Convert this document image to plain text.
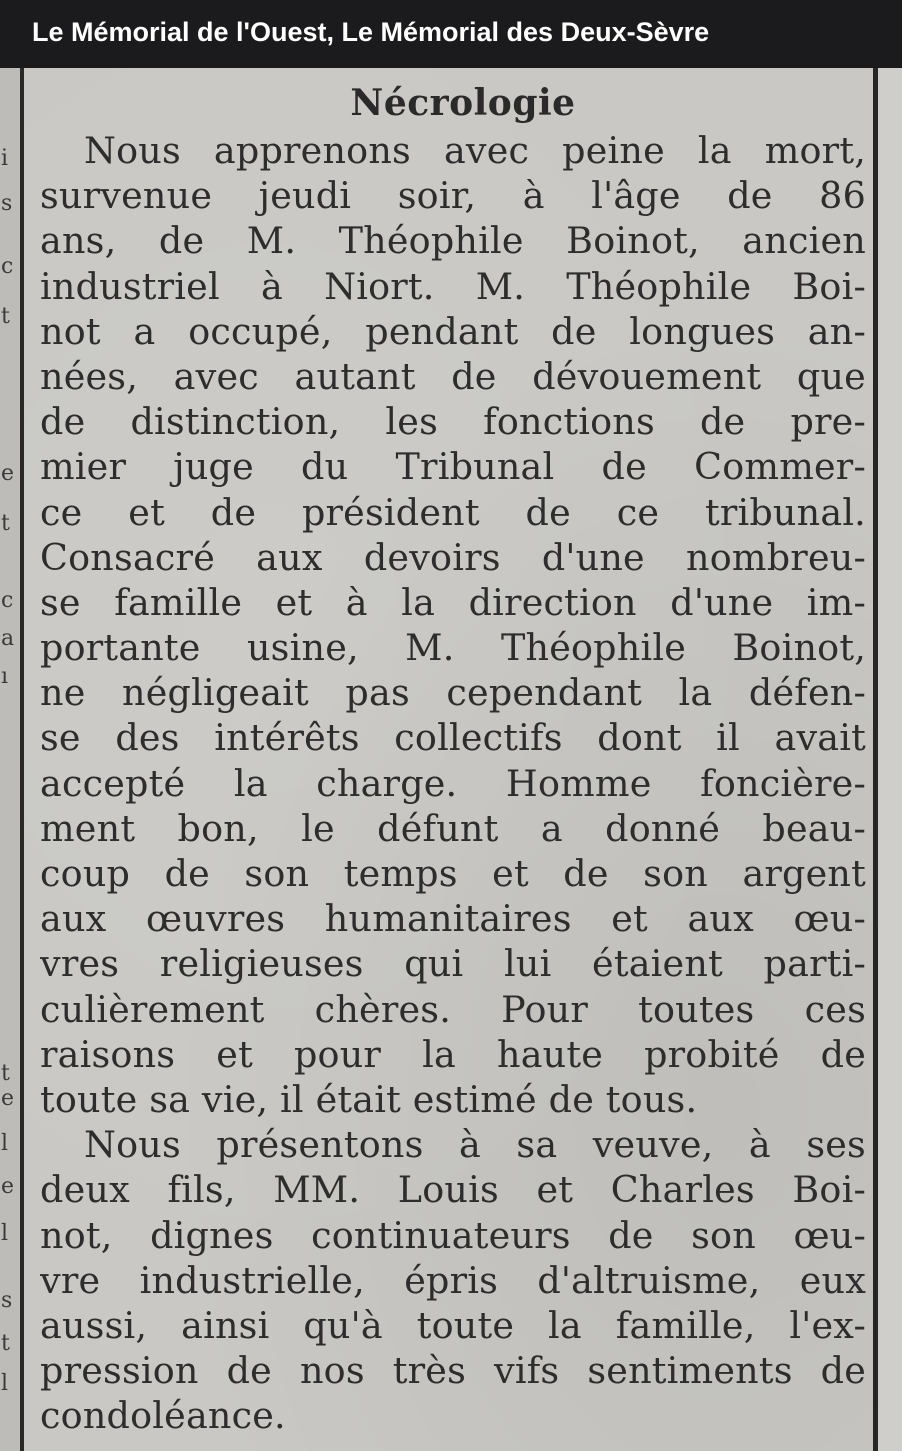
Le Mémorial de l'Ouest, Le Mémorial des Deux-Sèvre
i
s
c
t
e
t
c
a
ı
t
e
l
e
l
s
t
l
Nécrologie
Nous apprenons avec peine la mort,
survenue jeudi soir, à l'âge de 86
ans, de M. Théophile Boinot, ancien
industriel à Niort. M. Théophile Boi-
not a occupé, pendant de longues an-
nées, avec autant de dévouement que
de distinction, les fonctions de pre-
mier juge du Tribunal de Commer-
ce et de président de ce tribunal.
Consacré aux devoirs d'une nombreu-
se famille et à la direction d'une im-
portante usine, M. Théophile Boinot,
ne négligeait pas cependant la défen-
se des intérêts collectifs dont il avait
accepté la charge. Homme foncière-
ment bon, le défunt a donné beau-
coup de son temps et de son argent
aux œuvres humanitaires et aux œu-
vres religieuses qui lui étaient parti-
culièrement chères. Pour toutes ces
raisons et pour la haute probité de
toute sa vie, il était estimé de tous.
Nous présentons à sa veuve, à ses
deux fils, MM. Louis et Charles Boi-
not, dignes continuateurs de son œu-
vre industrielle, épris d'altruisme, eux
aussi, ainsi qu'à toute la famille, l'ex-
pression de nos très vifs sentiments de
condoléance.
